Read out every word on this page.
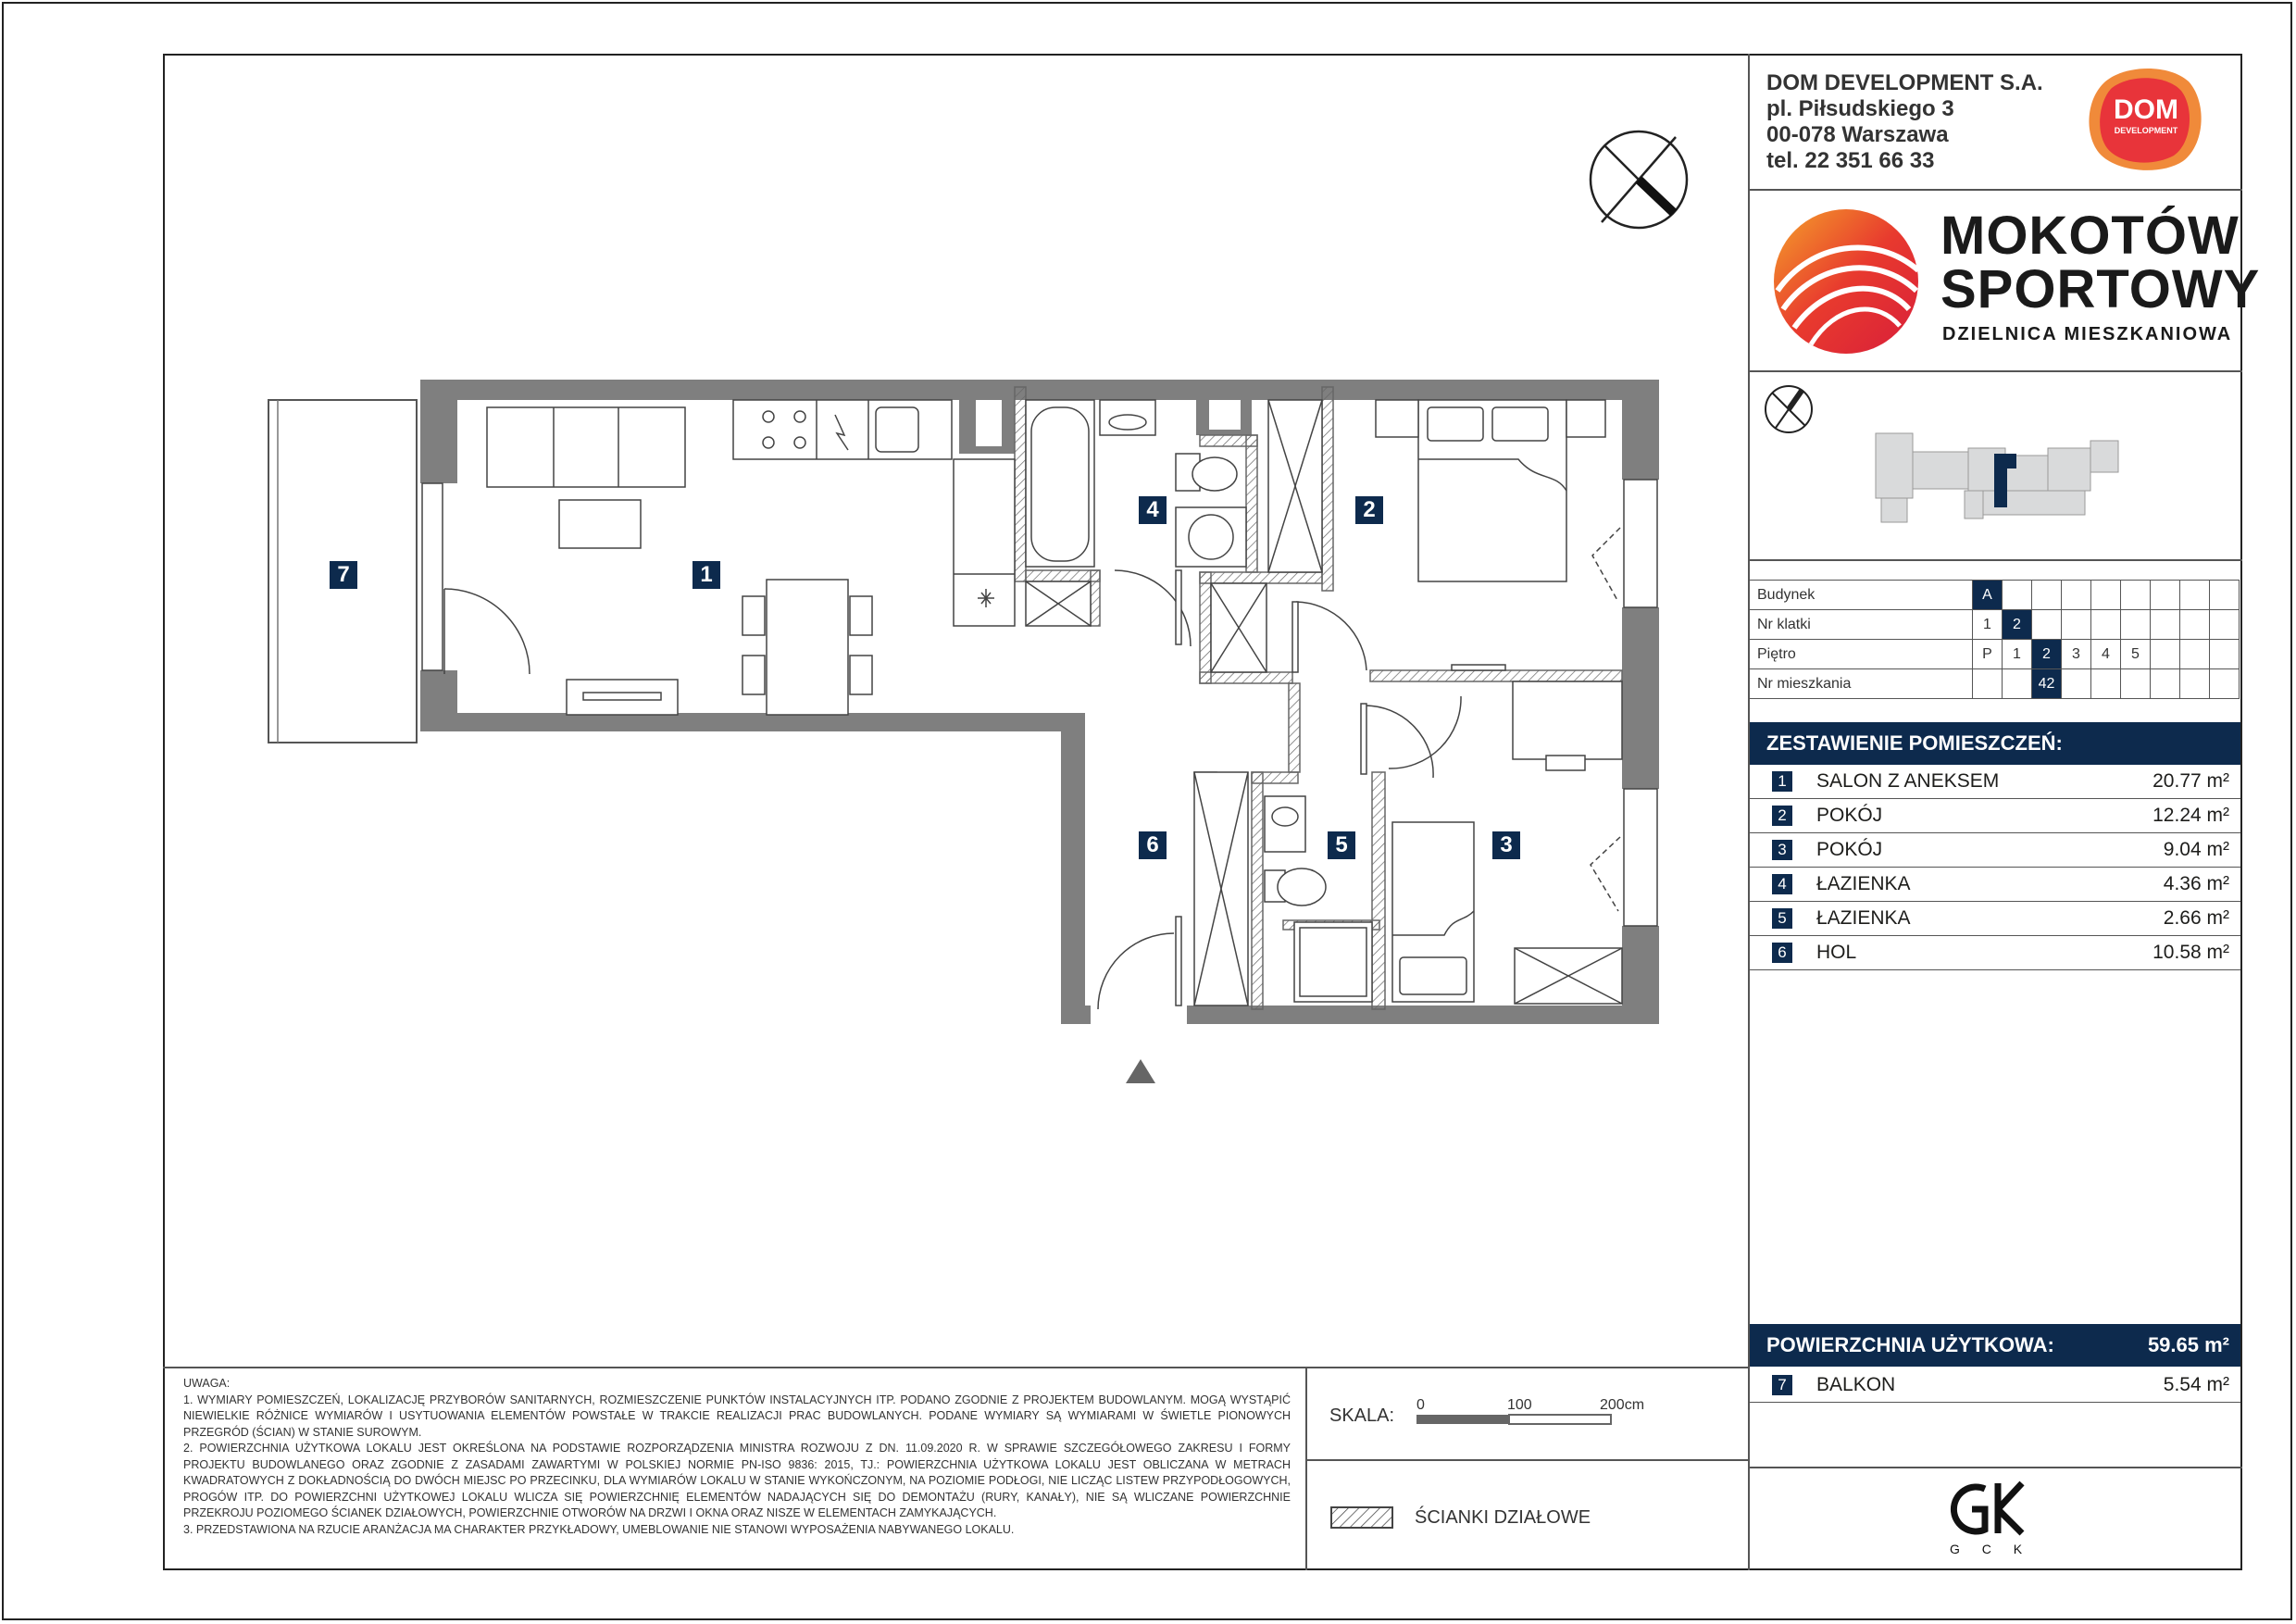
DOM DEVELOPMENT S.A.
pl. Piłsudskiego 3
00-078 Warszawa
tel. 22 351 66 33
DOM
DEVELOPMENT
MOKOTÓW
SPORTOWY
DZIELNICA MIESZKANIOWA
Budynek	A								
Nr klatki	1	2							
Piętro	P	1	2	3	4	5			
Nr mieszkania			42						
ZESTAWIENIE POMIESZCZEŃ:
1 SALON Z ANEKSEM	20.77 m²
2 POKÓJ	12.24 m²
3 POKÓJ	9.04 m²
4 ŁAZIENKA	4.36 m²
5 ŁAZIENKA	2.66 m²
6 HOL	10.58 m²
POWIERZCHNIA UŻYTKOWA:	59.65 m²
7 BALKON	5.54 m²
G C K

UWAGA:

1. WYMIARY POMIESZCZEŃ, LOKALIZACJĘ PRZYBORÓW SANITARNYCH, ROZMIESZCZENIE PUNKTÓW INSTALACYJNYCH ITP. PODANO ZGODNIE Z PROJEKTEM BUDOWLANYM. MOGĄ WYSTĄPIĆ NIEWIELKIE RÓŻNICE WYMIARÓW I USYTUOWANIA ELEMENTÓW POWSTAŁE W TRAKCIE REALIZACJI PRAC BUDOWLANYCH. PODANE WYMIARY SĄ WYMIARAMI W ŚWIETLE PIONOWYCH PRZEGRÓD (ŚCIAN) W STANIE SUROWYM.

2. POWIERZCHNIA UŻYTKOWA LOKALU JEST OKREŚLONA NA PODSTAWIE ROZPORZĄDZENIA MINISTRA ROZWOJU Z DN. 11.09.2020 R. W SPRAWIE SZCZEGÓŁOWEGO ZAKRESU I FORMY PROJEKTU BUDOWLANEGO ORAZ ZGODNIE Z ZASADAMI ZAWARTYMI W POLSKIEJ NORMIE PN-ISO 9836: 2015, TJ.: POWIERZCHNIA UŻYTKOWA LOKALU JEST OBLICZANA W METRACH KWADRATOWYCH Z DOKŁADNOŚCIĄ DO DWÓCH MIEJSC PO PRZECINKU, DLA WYMIARÓW LOKALU W STANIE WYKOŃCZONYM, NA POZIOMIE PODŁOGI, NIE LICZĄC LISTEW PRZYPODŁOGOWYCH, PROGÓW ITP. DO POWIERZCHNI UŻYTKOWEJ LOKALU WLICZA SIĘ POWIERZCHNIĘ ELEMENTÓW NADAJĄCYCH SIĘ DO DEMONTAŻU (RURY, KANAŁY), NIE SĄ WLICZANE POWIERZCHNIE PRZEKROJU POZIOMEGO ŚCIANEK DZIAŁOWYCH, POWIERZCHNIE OTWORÓW NA DRZWI I OKNA ORAZ NISZE W ELEMENTACH ZAMYKAJĄCYCH.

3. PRZEDSTAWIONA NA RZUCIE ARANŻACJA MA CHARAKTER PRZYKŁADOWY, UMEBLOWANIE NIE STANOWI WYPOSAŻENIA NABYWANEGO LOKALU.

SKALA:
0	100	200cm
ŚCIANKI DZIAŁOWE
1
2
3
4
5
6
7
